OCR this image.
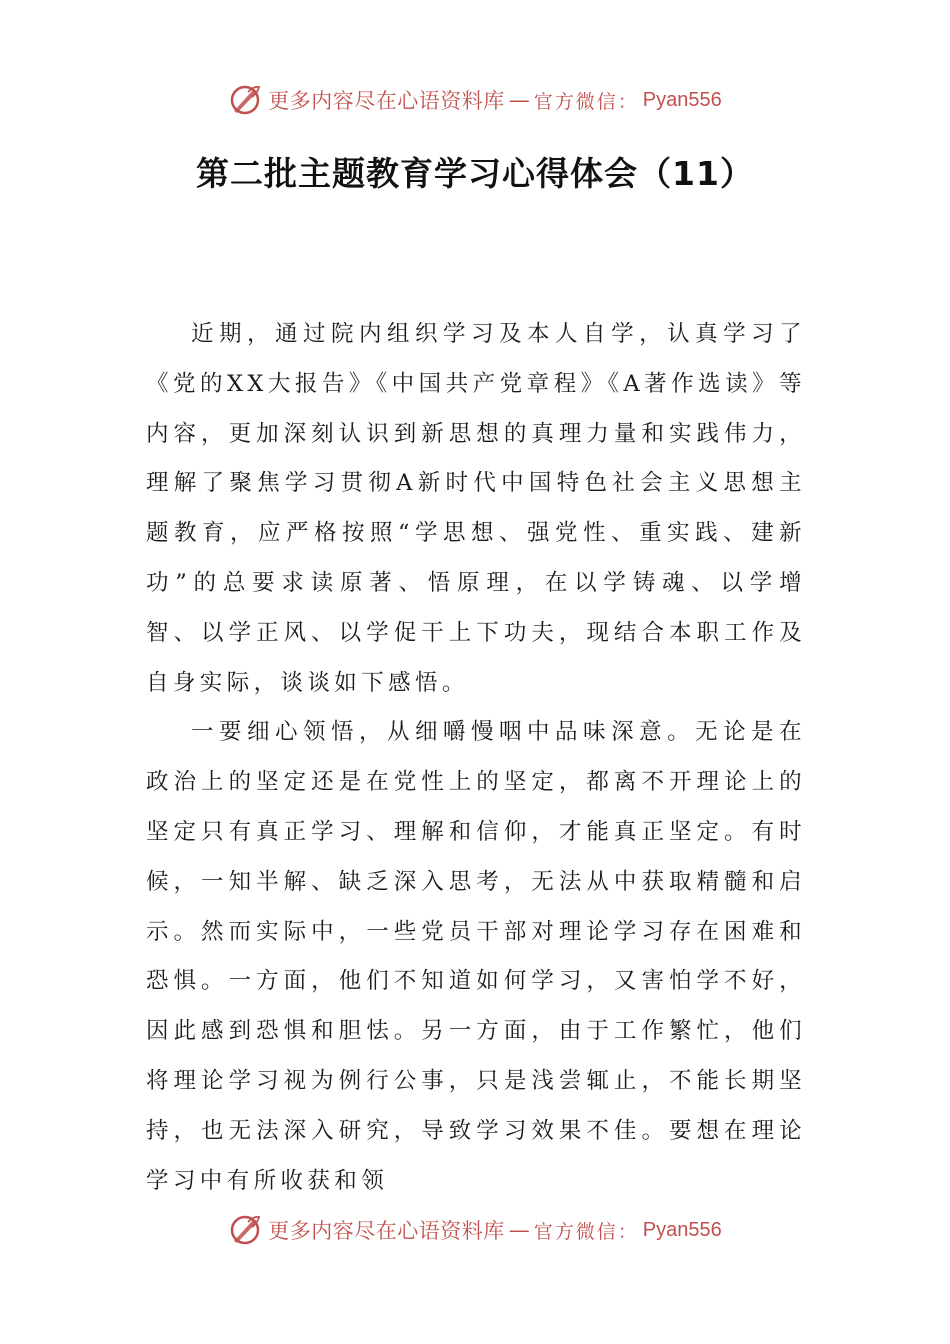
更多内容尽在心语资料库 — 官方微信： Pyan556
第二批主题教育学习心得体会（11）

近期，通过院内组织学习及本人自学，认真学习了《党的XX大报告》《中国共产党章程》《A著作选读》等内容，更加深刻认识到新思想的真理力量和实践伟力，理解了聚焦学习贯彻A新时代中国特色社会主义思想主题教育，应严格按照“学思想、强党性、重实践、建新功”的总要求读原著、悟原理，在以学铸魂、以学增智、以学正风、以学促干上下功夫，现结合本职工作及自身实际，谈谈如下感悟。

一要细心领悟，从细嚼慢咽中品味深意。无论是在政治上的坚定还是在党性上的坚定，都离不开理论上的坚定只有真正学习、理解和信仰，才能真正坚定。有时候，一知半解、缺乏深入思考，无法从中获取精髓和启示。然而实际中，一些党员干部对理论学习存在困难和恐惧。一方面，他们不知道如何学习，又害怕学不好，因此感到恐惧和胆怯。另一方面，由于工作繁忙，他们将理论学习视为例行公事，只是浅尝辄止，不能长期坚持，也无法深入研究，导致学习效果不佳。要想在理论学习中有所收获和领

更多内容尽在心语资料库 — 官方微信： Pyan556
